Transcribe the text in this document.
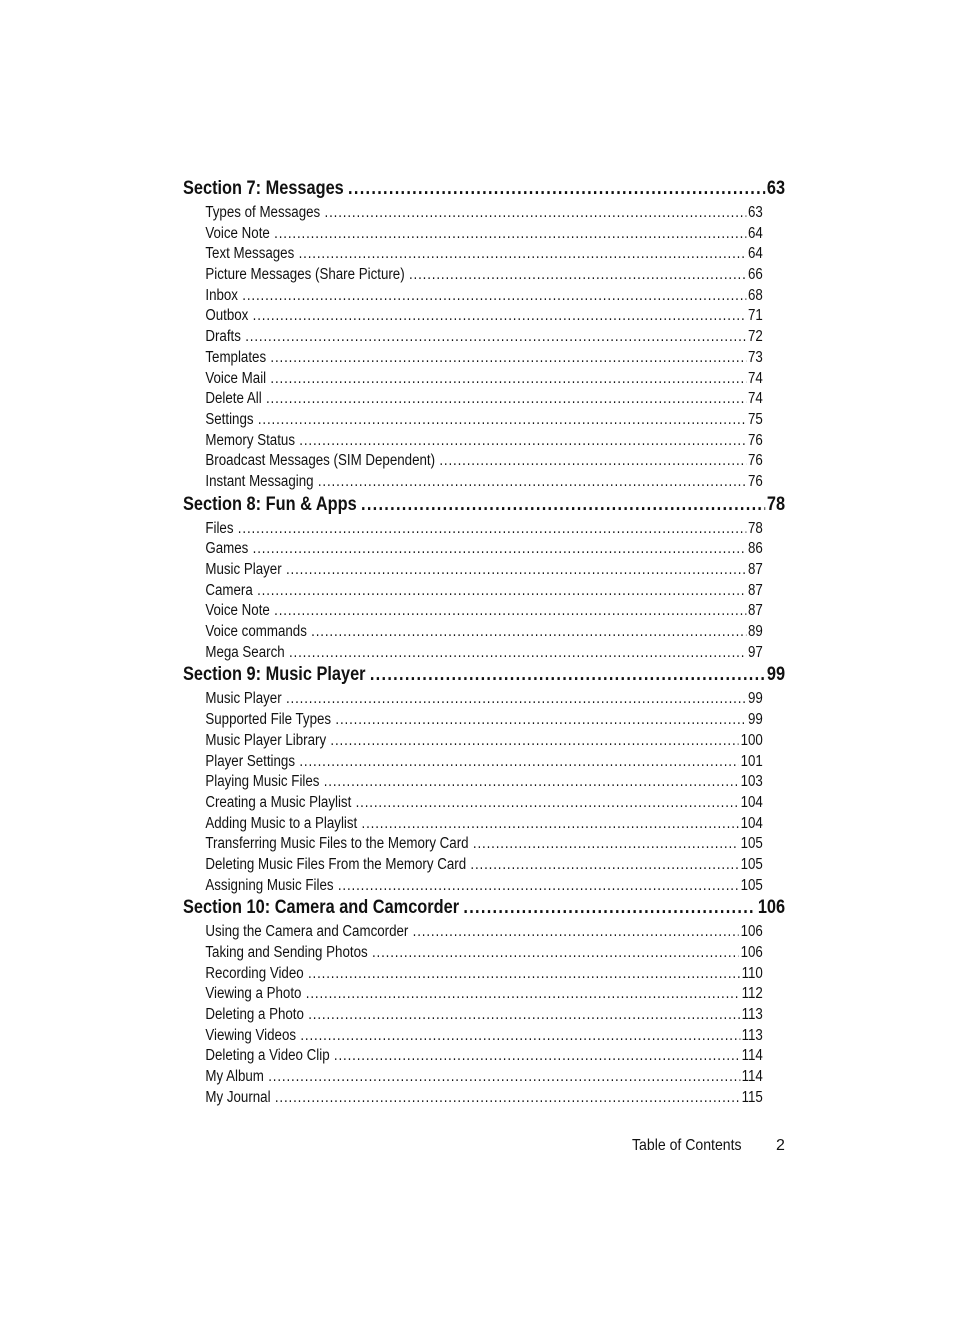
Section 7: Messages .....	63
Types of Messages .....	63
Voice Note .....	64
Text Messages .....	64
Picture Messages (Share Picture) .....	66
Inbox .....	68
Outbox .....	71
Drafts .....	72
Templates .....	73
Voice Mail .....	74
Delete All .....	74
Settings .....	75
Memory Status .....	76
Broadcast Messages (SIM Dependent) .....	76
Instant Messaging .....	76
Section 8: Fun & Apps .....	78
Files .....	78
Games .....	86
Music Player .....	87
Camera .....	87
Voice Note .....	87
Voice commands .....	89
Mega Search .....	97
Section 9: Music Player .....	99
Music Player .....	99
Supported File Types .....	99
Music Player Library .....	100
Player Settings .....	101
Playing Music Files .....	103
Creating a Music Playlist .....	104
Adding Music to a Playlist .....	104
Transferring Music Files to the Memory Card .....	105
Deleting Music Files From the Memory Card .....	105
Assigning Music Files .....	105
Section 10: Camera and Camcorder .....	106
Using the Camera and Camcorder .....	106
Taking and Sending Photos .....	106
Recording Video .....	110
Viewing a Photo .....	112
Deleting a Photo .....	113
Viewing Videos .....	113
Deleting a Video Clip .....	114
My Album .....	114
My Journal .....	115
Table of Contents 2
